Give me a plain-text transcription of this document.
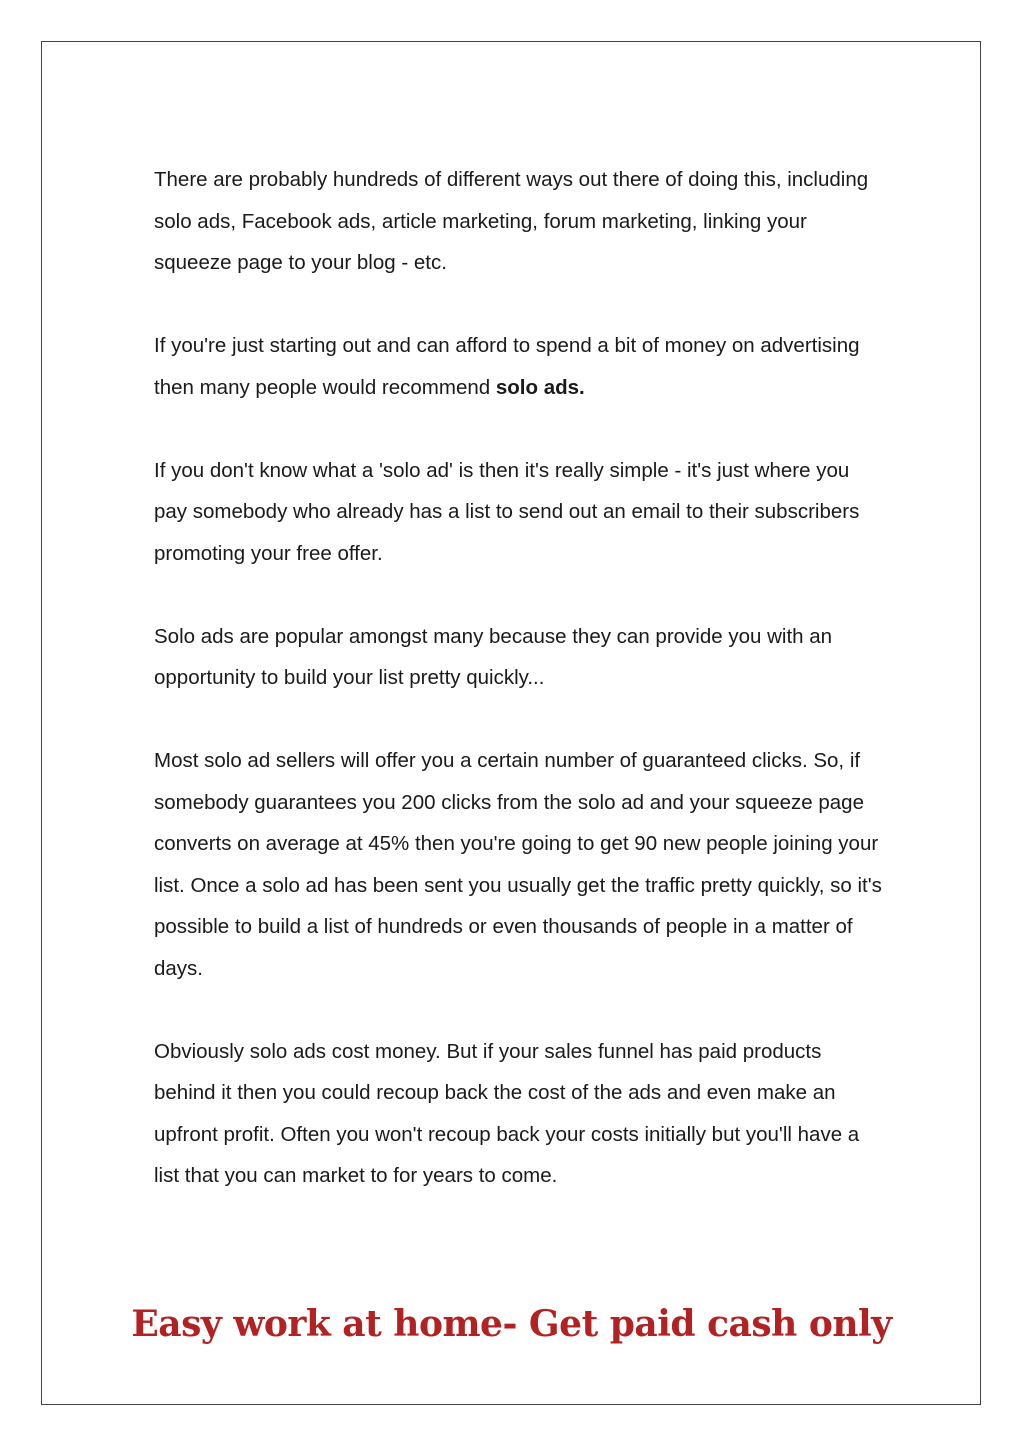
There are probably hundreds of different ways out there of doing this, including solo ads, Facebook ads, article marketing, forum marketing, linking your squeeze page to your blog - etc.

If you're just starting out and can afford to spend a bit of money on advertising then many people would recommend solo ads.

If you don't know what a 'solo ad' is then it's really simple - it's just where you pay somebody who already has a list to send out an email to their subscribers promoting your free offer.

Solo ads are popular amongst many because they can provide you with an opportunity to build your list pretty quickly...

Most solo ad sellers will offer you a certain number of guaranteed clicks. So, if somebody guarantees you 200 clicks from the solo ad and your squeeze page converts on average at 45% then you're going to get 90 new people joining your list. Once a solo ad has been sent you usually get the traffic pretty quickly, so it's possible to build a list of hundreds or even thousands of people in a matter of days.

Obviously solo ads cost money. But if your sales funnel has paid products behind it then you could recoup back the cost of the ads and even make an upfront profit. Often you won't recoup back your costs initially but you'll have a list that you can market to for years to come.

Easy work at home- Get paid cash only
